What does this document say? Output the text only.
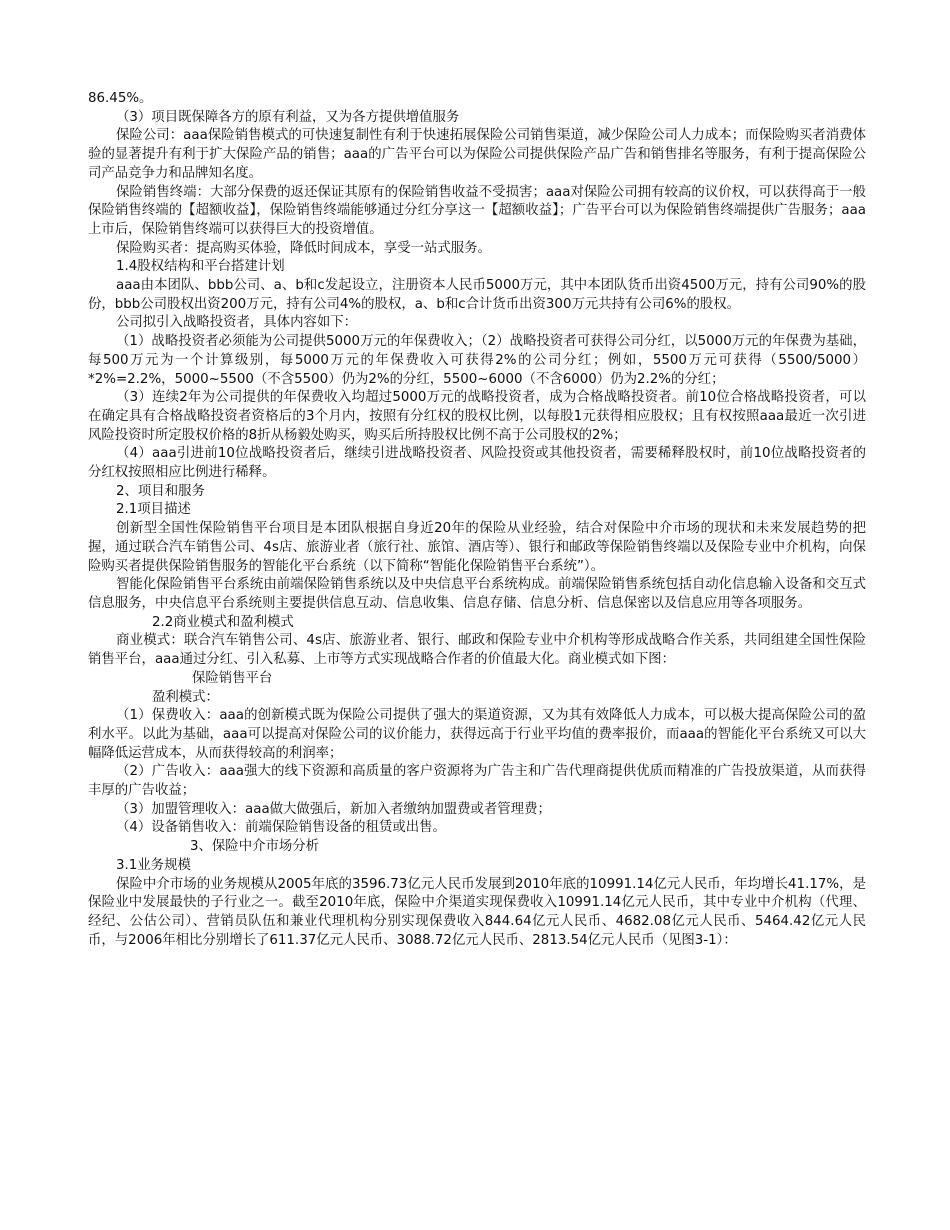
86.45%。

（3）项目既保障各方的原有利益，又为各方提供增值服务

保险公司：aaa保险销售模式的可快速复制性有利于快速拓展保险公司销售渠道，减少保险公司人力成本；而保险购买者消费体验的显著提升有利于扩大保险产品的销售；aaa的广告平台可以为保险公司提供保险产品广告和销售排名等服务，有利于提高保险公司产品竞争力和品牌知名度。

保险销售终端：大部分保费的返还保证其原有的保险销售收益不受损害；aaa对保险公司拥有较高的议价权，可以获得高于一般保险销售终端的【超额收益】，保险销售终端能够通过分红分享这一【超额收益】；广告平台可以为保险销售终端提供广告服务；aaa上市后，保险销售终端可以获得巨大的投资增值。

保险购买者：提高购买体验，降低时间成本，享受一站式服务。

1.4股权结构和平台搭建计划

aaa由本团队、bbb公司、a、b和c发起设立，注册资本人民币5000万元，其中本团队货币出资4500万元，持有公司90%的股份，bbb公司股权出资200万元，持有公司4%的股权，a、b和c合计货币出资300万元共持有公司6%的股权。

公司拟引入战略投资者，具体内容如下：

（1）战略投资者必须能为公司提供5000万元的年保费收入；（2）战略投资者可获得公司分红，以5000万元的年保费为基础，每500万元为一个计算级别，每5000万元的年保费收入可获得2%的公司分红；例如，5500万元可获得（5500/5000）*2%=2.2%，5000~5500（不含5500）仍为2%的分红，5500~6000（不含6000）仍为2.2%的分红；

（3）连续2年为公司提供的年保费收入均超过5000万元的战略投资者，成为合格战略投资者。前10位合格战略投资者，可以在确定具有合格战略投资者资格后的3个月内，按照有分红权的股权比例，以每股1元获得相应股权；且有权按照aaa最近一次引进风险投资时所定股权价格的8折从杨毅处购买，购买后所持股权比例不高于公司股权的2%；

（4）aaa引进前10位战略投资者后，继续引进战略投资者、风险投资或其他投资者，需要稀释股权时，前10位战略投资者的分红权按照相应比例进行稀释。

2、项目和服务

2.1项目描述

创新型全国性保险销售平台项目是本团队根据自身近20年的保险从业经验，结合对保险中介市场的现状和未来发展趋势的把握，通过联合汽车销售公司、4s店、旅游业者（旅行社、旅馆、酒店等）、银行和邮政等保险销售终端以及保险专业中介机构，向保险购买者提供保险销售服务的智能化平台系统（以下简称“智能化保险销售平台系统”）。

智能化保险销售平台系统由前端保险销售系统以及中央信息平台系统构成。前端保险销售系统包括自动化信息输入设备和交互式信息服务，中央信息平台系统则主要提供信息互动、信息收集、信息存储、信息分析、信息保密以及信息应用等各项服务。

2.2商业模式和盈利模式

商业模式：联合汽车销售公司、4s店、旅游业者、银行、邮政和保险专业中介机构等形成战略合作关系，共同组建全国性保险销售平台，aaa通过分红、引入私募、上市等方式实现战略合作者的价值最大化。商业模式如下图：

保险销售平台

盈利模式：

（1）保费收入：aaa的创新模式既为保险公司提供了强大的渠道资源，又为其有效降低人力成本，可以极大提高保险公司的盈利水平。以此为基础，aaa可以提高对保险公司的议价能力，获得远高于行业平均值的费率报价，而aaa的智能化平台系统又可以大幅降低运营成本，从而获得较高的利润率；

（2）广告收入：aaa强大的线下资源和高质量的客户资源将为广告主和广告代理商提供优质而精准的广告投放渠道，从而获得丰厚的广告收益；

（3）加盟管理收入：aaa做大做强后，新加入者缴纳加盟费或者管理费；

（4）设备销售收入：前端保险销售设备的租赁或出售。

3、保险中介市场分析

3.1业务规模

保险中介市场的业务规模从2005年底的3596.73亿元人民币发展到2010年底的10991.14亿元人民币，年均增长41.17%，是保险业中发展最快的子行业之一。截至2010年底，保险中介渠道实现保费收入10991.14亿元人民币，其中专业中介机构（代理、经纪、公估公司）、营销员队伍和兼业代理机构分别实现保费收入844.64亿元人民币、4682.08亿元人民币、5464.42亿元人民币，与2006年相比分别增长了611.37亿元人民币、3088.72亿元人民币、2813.54亿元人民币（见图3-1）：
